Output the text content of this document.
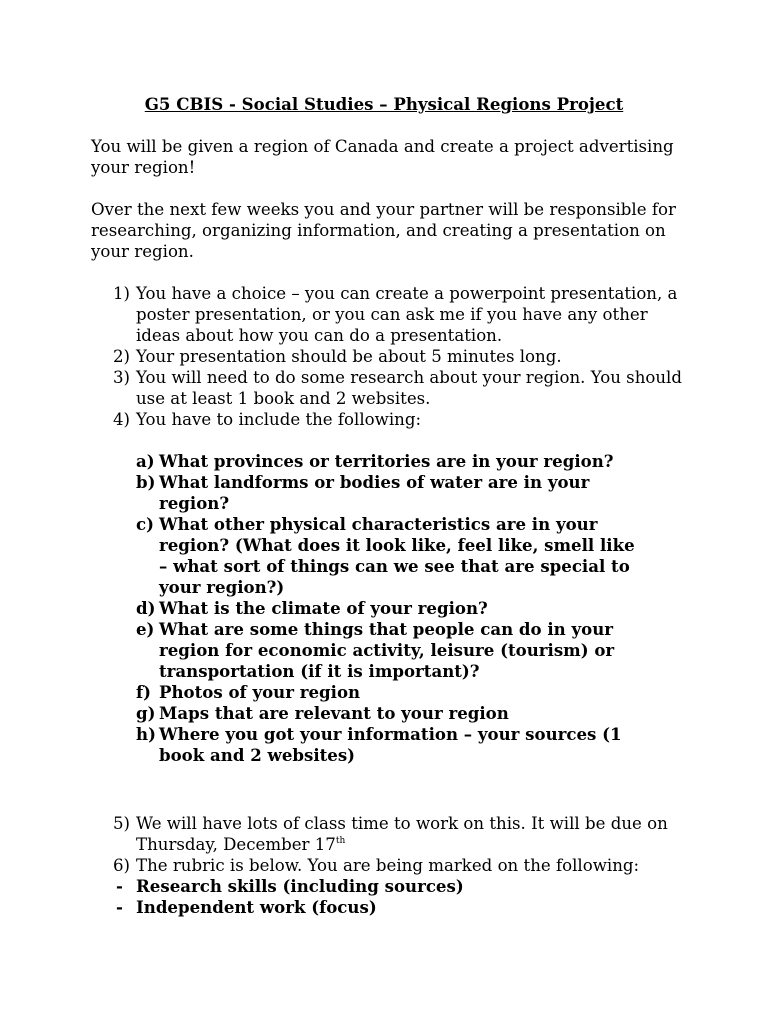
G5 CBIS - Social Studies – Physical Regions Project

You will be given a region of Canada and create a project advertising your region!

Over the next few weeks you and your partner will be responsible for researching, organizing information, and creating a presentation on your region.

1) You have a choice – you can create a powerpoint presentation, a poster presentation, or you can ask me if you have any other ideas about how you can do a presentation.
2) Your presentation should be about 5 minutes long.
3) You will need to do some research about your region. You should use at least 1 book and 2 websites.
4) You have to include the following:
a) What provinces or territories are in your region?
b) What landforms or bodies of water are in your region?
c) What other physical characteristics are in your region? (What does it look like, feel like, smell like – what sort of things can we see that are special to your region?)
d) What is the climate of your region?
e) What are some things that people can do in your region for economic activity, leisure (tourism) or transportation (if it is important)?
f) Photos of your region
g) Maps that are relevant to your region
h) Where you got your information – your sources (1 book and 2 websites)
5) We will have lots of class time to work on this. It will be due on Thursday, December 17th
6) The rubric is below. You are being marked on the following:
- Research skills (including sources)
- Independent work (focus)
